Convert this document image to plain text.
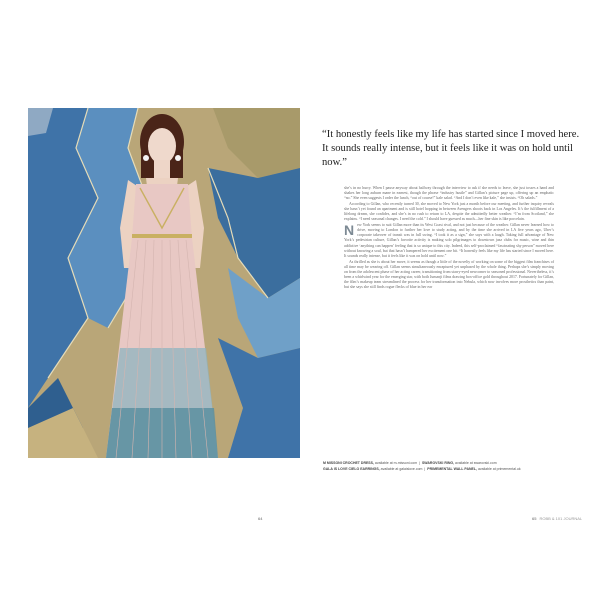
“It honestly feels like my life has started since I moved here. It sounds really intense, but it feels like it was on hold until now.”

she’s in no hurry. When I pause anyway about halfway through the interview to ask if she needs to leave, she just tosses a hand and shakes her long auburn mane in earnest, though the phrase “industry hustle” and Gillan’s picture page up, offering up an emphatic “no.” She even suggests I order the lunch, “out of course!” kale salad. “And I don’t even like kale,” she insists. “Oh salads.”

According to Gillan, who recently turned 30, she moved to New York just a month before our meeting, and further inquiry reveals she hasn’t yet found an apartment and is still hotel hopping in between Avengers shoots back in Los Angeles. It’s the fulfillment of a lifelong dream, she confides, and she’s in no rush to return to LA, despite the admittedly better weather. “I’m from Scotland,” she explains. “I need seasonal changes. I need the cold.” I should have guessed as much—her fine skin is like porcelain.

New York seems to suit Gillan more than its West Coast rival, and not just because of the weather. Gillan never learned how to drive, moving to London to further her love to study acting, and by the time she arrived in LA five years ago, Uber’s corporate takeover of transit was in full swing. “I took it as a sign,” she says with a laugh. Taking full advantage of New York’s pedestrian culture, Gillan’s favorite activity is making solo pilgrimages to downtown jazz clubs for music, wine and thin addictive ‘anything can happen’ feeling that is so unique to this city. Indeed, this self-proclaimed “fascinating shy person” moved here without knowing a soul, but that hasn’t hampered her excitement one bit. “It honestly feels like my life has started since I moved here. It sounds really intense, but it feels like it was on hold until now.”

As thrilled as she is about her move, it seems as though a little of the novelty of working on some of the biggest film franchises of all time may be wearing off. Gillan seems simultaneously enraptured yet unphased by the whole thing. Perhaps she’s simply moving on from the adolescent phase of her acting career, transitioning from starry-eyed newcomer to seasoned professional. Nevertheless, it’s been a whirlwind year for the emerging star, with both Jumanji films drawing box-office gold throughout 2017. Fortunately for Gillan, the film’s makeup team streamlined the process for her transformation into Nebula, which now involves more prosthetics than paint, but she says she still finds rogue flecks of blue in her ear

M MISSONI CROCHET DRESS, available at m-missoni.com  |  SWAROVSKI RING, available at swarovski.com
GALA IS LOVE CIELO EARRINGS, available at galaislove.com  |  PRIMEMENTAL WALL PANEL, available at primemental.uk
64	65 ROBB & 101 JOURNAL
